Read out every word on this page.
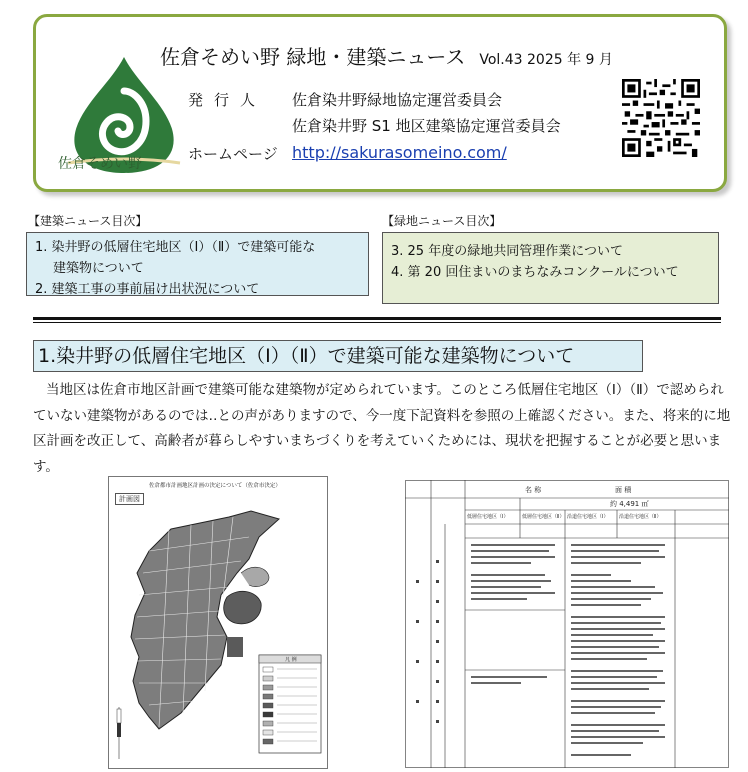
佐倉そめい野 緑地・建築ニュース Vol.43 2025 年 9 月
佐倉そめい野
発行人 佐倉染井野緑地協定運営委員会
佐倉染井野 S1 地区建築協定運営委員会
ホームページ http://sakurasomeino.com/
【建築ニュース目次】
1. 染井野の低層住宅地区（Ⅰ）（Ⅱ）で建築可能な
建築物について
2. 建築工事の事前届け出状況について
【緑地ニュース目次】
3. 25 年度の緑地共同管理作業について
4. 第 20 回住まいのまちなみコンクールについて
1.染井野の低層住宅地区（Ⅰ）（Ⅱ）で建築可能な建築物について

当地区は佐倉市地区計画で建築可能な建築物が定められています。このところ低層住宅地区（Ⅰ）（Ⅱ）で認められていない建築物があるのでは‥との声がありますので、今一度下記資料を参照の上確認ください。また、将来的に地区計画を改正して、高齢者が暮らしやすいまちづくりを考えていくためには、現状を把握することが必要と思います。

佐倉都市計画地区計画の決定について（佐倉市決定）
計画図
凡 例
名 称	面 積
約 4,491 ㎡
低層住宅地区（Ⅰ）	低層住宅地区（Ⅱ） 沿道住宅地区（Ⅰ） 沿道住宅地区（Ⅱ）
